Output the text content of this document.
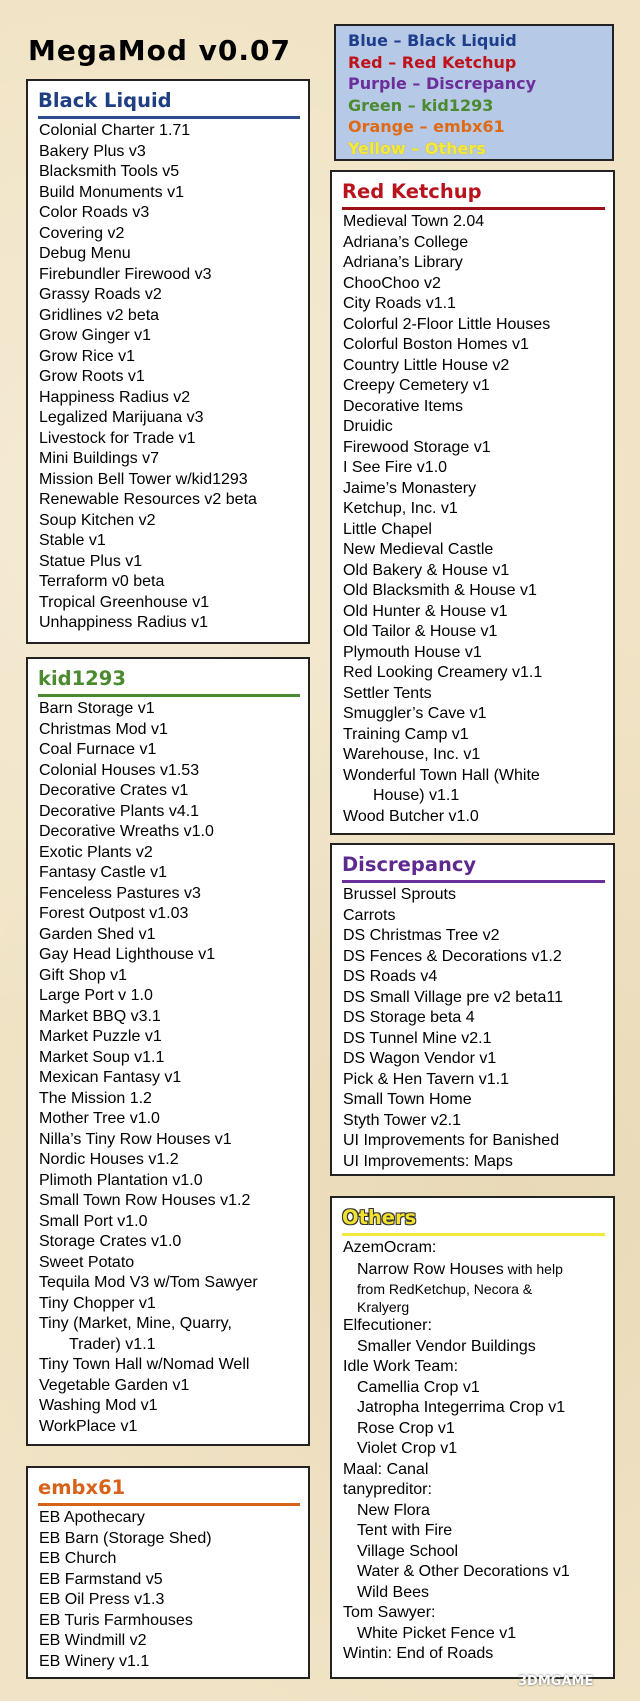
MegaMod v0.07	Blue – Black Liquid
Red – Red Ketchup
Purple – Discrepancy
Green – kid1293
Orange – embx61
Yellow – Others
Black Liquid
Colonial Charter 1.71
Bakery Plus v3
Blacksmith Tools v5
Build Monuments v1
Color Roads v3
Covering v2
Debug Menu
Firebundler Firewood v3
Grassy Roads v2
Gridlines v2 beta
Grow Ginger v1
Grow Rice v1
Grow Roots v1
Happiness Radius v2
Legalized Marijuana v3
Livestock for Trade v1
Mini Buildings v7
Mission Bell Tower w/kid1293
Renewable Resources v2 beta
Soup Kitchen v2
Stable v1
Statue Plus v1
Terraform v0 beta
Tropical Greenhouse v1
Unhappiness Radius v1
kid1293
Barn Storage v1
Christmas Mod v1
Coal Furnace v1
Colonial Houses v1.53
Decorative Crates v1
Decorative Plants v4.1
Decorative Wreaths v1.0
Exotic Plants v2
Fantasy Castle v1
Fenceless Pastures v3
Forest Outpost v1.03
Garden Shed v1
Gay Head Lighthouse v1
Gift Shop v1
Large Port v 1.0
Market BBQ v3.1
Market Puzzle v1
Market Soup v1.1
Mexican Fantasy v1
The Mission 1.2
Mother Tree v1.0
Nilla’s Tiny Row Houses v1
Nordic Houses v1.2
Plimoth Plantation v1.0
Small Town Row Houses v1.2
Small Port v1.0
Storage Crates v1.0
Sweet Potato
Tequila Mod V3 w/Tom Sawyer
Tiny Chopper v1
Tiny (Market, Mine, Quarry,
Trader) v1.1
Tiny Town Hall w/Nomad Well
Vegetable Garden v1
Washing Mod v1
WorkPlace v1
embx61
EB Apothecary
EB Barn (Storage Shed)
EB Church
EB Farmstand v5
EB Oil Press v1.3
EB Turis Farmhouses
EB Windmill v2
EB Winery v1.1
Red Ketchup
Medieval Town 2.04
Adriana’s College
Adriana’s Library
ChooChoo v2
City Roads v1.1
Colorful 2-Floor Little Houses
Colorful Boston Homes v1
Country Little House v2
Creepy Cemetery v1
Decorative Items
Druidic
Firewood Storage v1
I See Fire v1.0
Jaime’s Monastery
Ketchup, Inc. v1
Little Chapel
New Medieval Castle
Old Bakery & House v1
Old Blacksmith & House v1
Old Hunter & House v1
Old Tailor & House v1
Plymouth House v1
Red Looking Creamery v1.1
Settler Tents
Smuggler’s Cave v1
Training Camp v1
Warehouse, Inc. v1
Wonderful Town Hall (White
House) v1.1
Wood Butcher v1.0
Discrepancy
Brussel Sprouts
Carrots
DS Christmas Tree v2
DS Fences & Decorations v1.2
DS Roads v4
DS Small Village pre v2 beta11
DS Storage beta 4
DS Tunnel Mine v2.1
DS Wagon Vendor v1
Pick & Hen Tavern v1.1
Small Town Home
Styth Tower v2.1
UI Improvements for Banished
UI Improvements: Maps
Others
AzemOcram:
Narrow Row Houses with help
from RedKetchup, Necora &
Kralyerg
Elfecutioner:
Smaller Vendor Buildings
Idle Work Team:
Camellia Crop v1
Jatropha Integerrima Crop v1
Rose Crop v1
Violet Crop v1
Maal: Canal
tanypreditor:
New Flora
Tent with Fire
Village School
Water & Other Decorations v1
Wild Bees
Tom Sawyer:
White Picket Fence v1
Wintin: End of Roads
3DMGAME
